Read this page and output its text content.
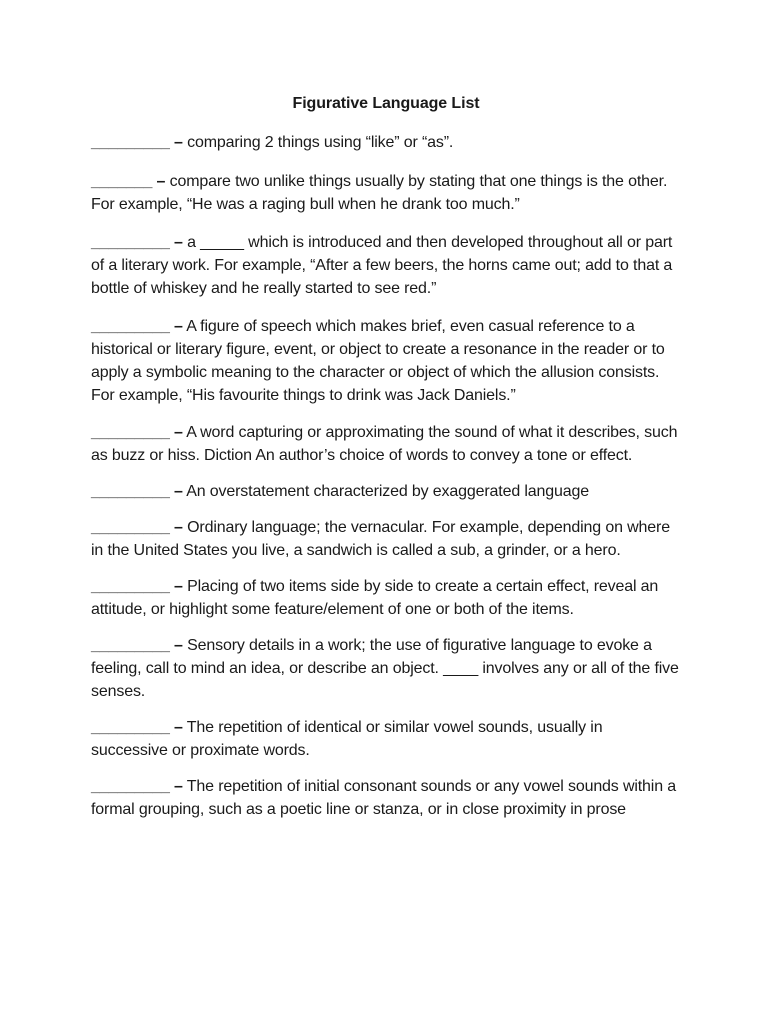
Figurative Language List

_________ – comparing 2 things using “like” or “as”.

_______ – compare two unlike things usually by stating that one things is the other. For example, “He was a raging bull when he drank too much.”

_________ – a _____ which is introduced and then developed throughout all or part of a literary work. For example, “After a few beers, the horns came out; add to that a bottle of whiskey and he really started to see red.”

_________ – A figure of speech which makes brief, even casual reference to a historical or literary figure, event, or object to create a resonance in the reader or to apply a symbolic meaning to the character or object of which the allusion consists. For example, “His favourite things to drink was Jack Daniels.”

_________ – A word capturing or approximating the sound of what it describes, such as buzz or hiss. Diction An author’s choice of words to convey a tone or effect.

_________ – An overstatement characterized by exaggerated language

_________ – Ordinary language; the vernacular. For example, depending on where in the United States you live, a sandwich is called a sub, a grinder, or a hero.

_________ – Placing of two items side by side to create a certain effect, reveal an attitude, or highlight some feature/element of one or both of the items.

_________ – Sensory details in a work; the use of figurative language to evoke a feeling, call to mind an idea, or describe an object. ____ involves any or all of the five senses.

_________ – The repetition of identical or similar vowel sounds, usually in successive or proximate words.

_________ – The repetition of initial consonant sounds or any vowel sounds within a formal grouping, such as a poetic line or stanza, or in close proximity in prose
